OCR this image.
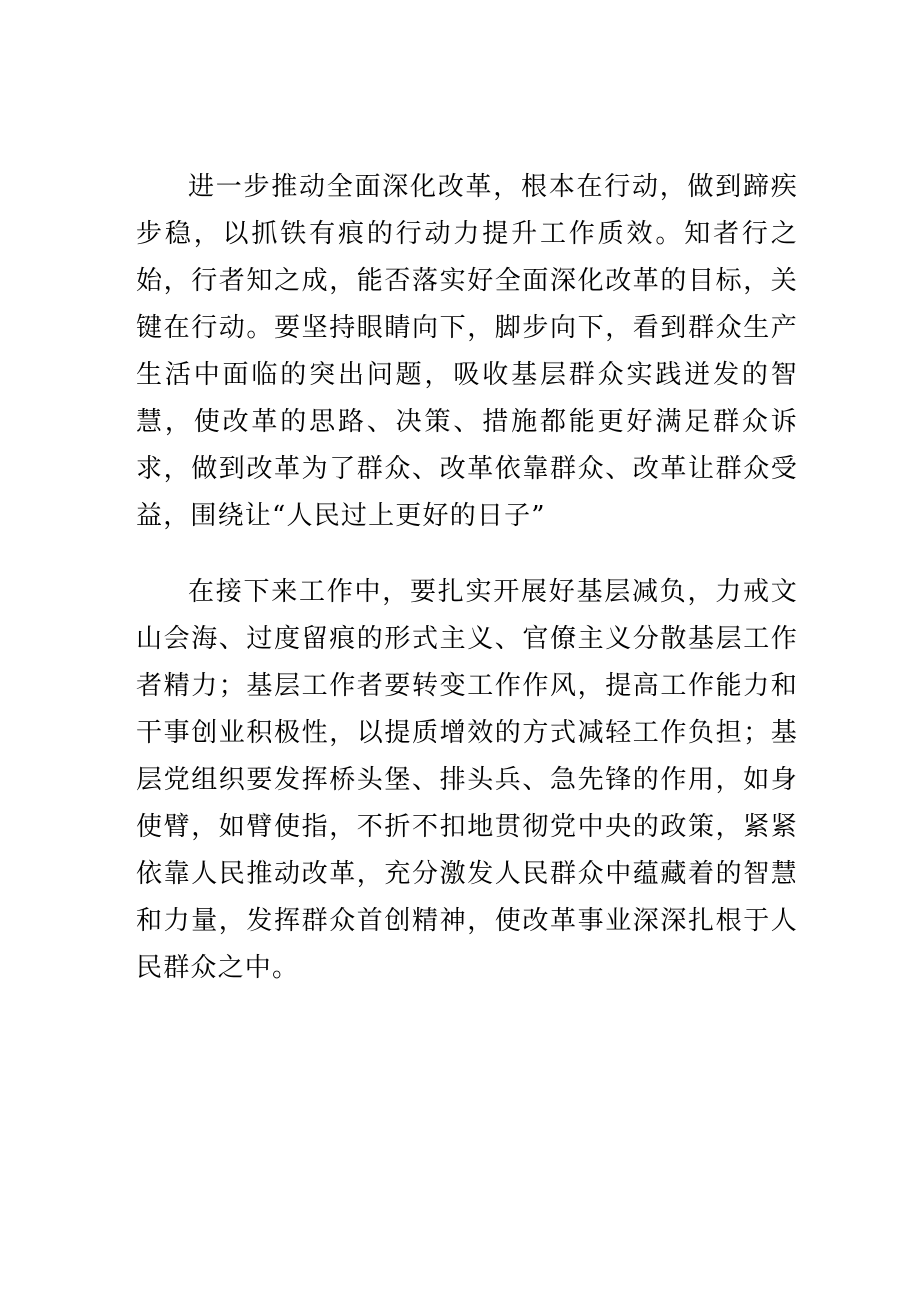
进一步推动全面深化改革，根本在行动，做到蹄疾步稳，以抓铁有痕的行动力提升工作质效。知者行之始，行者知之成，能否落实好全面深化改革的目标，关键在行动。要坚持眼睛向下，脚步向下，看到群众生产生活中面临的突出问题，吸收基层群众实践迸发的智慧，使改革的思路、决策、措施都能更好满足群众诉求，做到改革为了群众、改革依靠群众、改革让群众受益，围绕让“人民过上更好的日子”

在接下来工作中，要扎实开展好基层减负，力戒文山会海、过度留痕的形式主义、官僚主义分散基层工作者精力；基层工作者要转变工作作风，提高工作能力和干事创业积极性，以提质增效的方式减轻工作负担；基层党组织要发挥桥头堡、排头兵、急先锋的作用，如身使臂，如臂使指，不折不扣地贯彻党中央的政策，紧紧依靠人民推动改革，充分激发人民群众中蕴藏着的智慧和力量，发挥群众首创精神，使改革事业深深扎根于人民群众之中。
